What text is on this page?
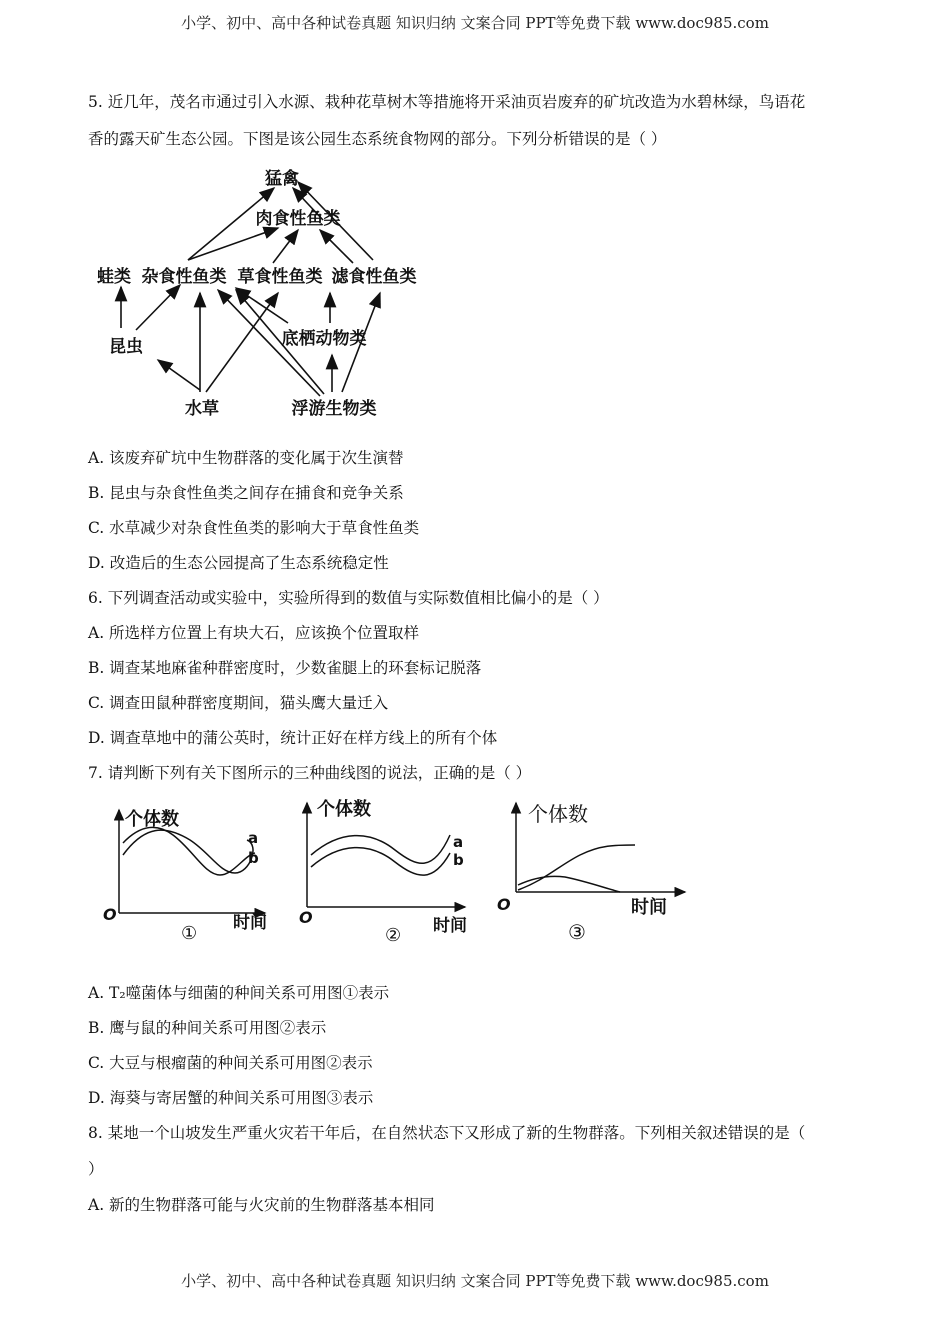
小学、初中、高中各种试卷真题 知识归纳 文案合同 PPT等免费下载 www.doc985.com
5. 近几年，茂名市通过引入水源、栽种花草树木等措施将开采油页岩废弃的矿坑改造为水碧林绿，鸟语花
香的露天矿生态公园。下图是该公园生态系统食物网的部分。下列分析错误的是（ ）
猛禽
肉食性鱼类
蛙类 杂食性鱼类 草食性鱼类 滤食性鱼类
昆虫	底栖动物类
水草	浮游生物类
A. 该废弃矿坑中生物群落的变化属于次生演替
B. 昆虫与杂食性鱼类之间存在捕食和竞争关系
C. 水草减少对杂食性鱼类的影响大于草食性鱼类
D. 改造后的生态公园提高了生态系统稳定性
6. 下列调查活动或实验中，实验所得到的数值与实际数值相比偏小的是（ ）
A. 所选样方位置上有块大石，应该换个位置取样
B. 调查某地麻雀种群密度时，少数雀腿上的环套标记脱落
C. 调查田鼠种群密度期间，猫头鹰大量迁入
D. 调查草地中的蒲公英时，统计正好在样方线上的所有个体
7. 请判断下列有关下图所示的三种曲线图的说法，正确的是（ ）
个体数
a
b
O	时间
①
个体数
a
b
O	时间
②
个体数
O	时间
③
A. T₂噬菌体与细菌的种间关系可用图①表示
B. 鹰与鼠的种间关系可用图②表示
C. 大豆与根瘤菌的种间关系可用图②表示
D. 海葵与寄居蟹的种间关系可用图③表示
8. 某地一个山坡发生严重火灾若干年后，在自然状态下又形成了新的生物群落。下列相关叙述错误的是（
）
A. 新的生物群落可能与火灾前的生物群落基本相同
小学、初中、高中各种试卷真题 知识归纳 文案合同 PPT等免费下载 www.doc985.com
